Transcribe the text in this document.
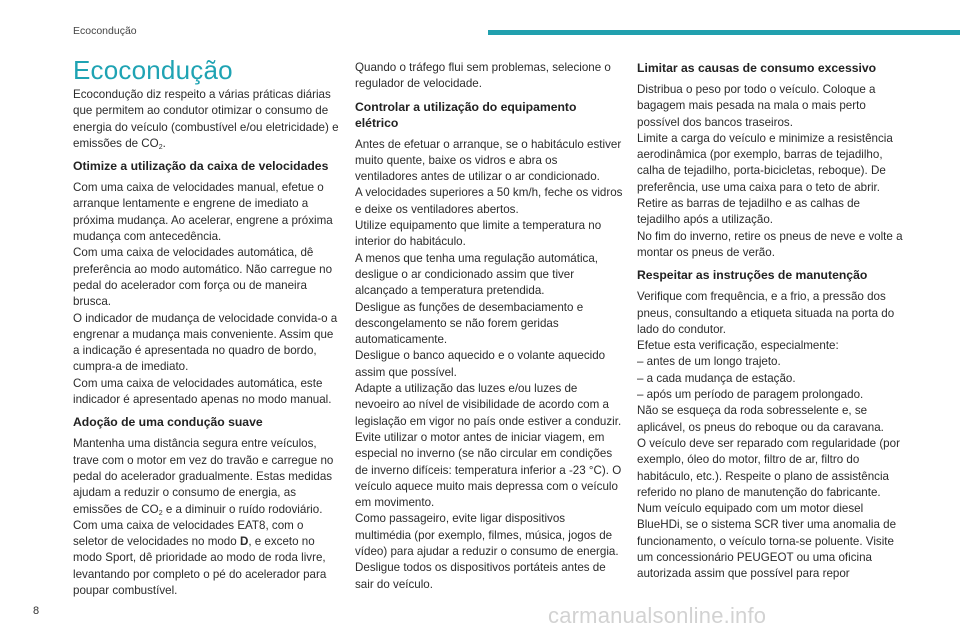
Ecocondução
Ecocondução

Ecocondução diz respeito a várias práticas diárias que permitem ao condutor otimizar o consumo de energia do veículo (combustível e/ou eletricidade) e emissões de $CO_2$.

Otimize a utilização da caixa de velocidades

Com uma caixa de velocidades manual, efetue o arranque lentamente e engrene de imediato a próxima mudança. Ao acelerar, engrene a próxima mudança com antecedência.
Com uma caixa de velocidades automática, dê preferência ao modo automático. Não carregue no pedal do acelerador com força ou de maneira brusca.
O indicador de mudança de velocidade convida-o a engrenar a mudança mais conveniente. Assim que a indicação é apresentada no quadro de bordo, cumpra-a de imediato.
Com uma caixa de velocidades automática, este indicador é apresentado apenas no modo manual.

Adoção de uma condução suave

Mantenha uma distância segura entre veículos, trave com o motor em vez do travão e carregue no pedal do acelerador gradualmente. Estas medidas ajudam a reduzir o consumo de energia, as emissões de $CO_2$ e a diminuir o ruído rodoviário.
Com uma caixa de velocidades EAT8, com o seletor de velocidades no modo D, e exceto no modo Sport, dê prioridade ao modo de roda livre, levantando por completo o pé do acelerador para poupar combustível.

Quando o tráfego flui sem problemas, selecione o regulador de velocidade.

Controlar a utilização do equipamento elétrico

Antes de efetuar o arranque, se o habitáculo estiver muito quente, baixe os vidros e abra os ventiladores antes de utilizar o ar condicionado.
A velocidades superiores a 50 km/h, feche os vidros e deixe os ventiladores abertos.
Utilize equipamento que limite a temperatura no interior do habitáculo.
A menos que tenha uma regulação automática, desligue o ar condicionado assim que tiver alcançado a temperatura pretendida.
Desligue as funções de desembaciamento e descongelamento se não forem geridas automaticamente.
Desligue o banco aquecido e o volante aquecido assim que possível.
Adapte a utilização das luzes e/ou luzes de nevoeiro ao nível de visibilidade de acordo com a legislação em vigor no país onde estiver a conduzir.
Evite utilizar o motor antes de iniciar viagem, em especial no inverno (se não circular em condições de inverno difíceis: temperatura inferior a -23 °C). O veículo aquece muito mais depressa com o veículo em movimento.
Como passageiro, evite ligar dispositivos multimédia (por exemplo, filmes, música, jogos de vídeo) para ajudar a reduzir o consumo de energia.
Desligue todos os dispositivos portáteis antes de sair do veículo.

Limitar as causas de consumo excessivo

Distribua o peso por todo o veículo. Coloque a bagagem mais pesada na mala o mais perto possível dos bancos traseiros.
Limite a carga do veículo e minimize a resistência aerodinâmica (por exemplo, barras de tejadilho, calha de tejadilho, porta-bicicletas, reboque). De preferência, use uma caixa para o teto de abrir.
Retire as barras de tejadilho e as calhas de tejadilho após a utilização.
No fim do inverno, retire os pneus de neve e volte a montar os pneus de verão.

Respeitar as instruções de manutenção

Verifique com frequência, e a frio, a pressão dos pneus, consultando a etiqueta situada na porta do lado do condutor.
Efetue esta verificação, especialmente:
– antes de um longo trajeto.
– a cada mudança de estação.
– após um período de paragem prolongado.
Não se esqueça da roda sobresselente e, se aplicável, os pneus do reboque ou da caravana.
O veículo deve ser reparado com regularidade (por exemplo, óleo do motor, filtro de ar, filtro do habitáculo, etc.). Respeite o plano de assistência referido no plano de manutenção do fabricante.
Num veículo equipado com um motor diesel BlueHDi, se o sistema SCR tiver uma anomalia de funcionamento, o veículo torna-se poluente. Visite um concessionário PEUGEOT ou uma oficina autorizada assim que possível para repor

8	carmanualsonline.info
